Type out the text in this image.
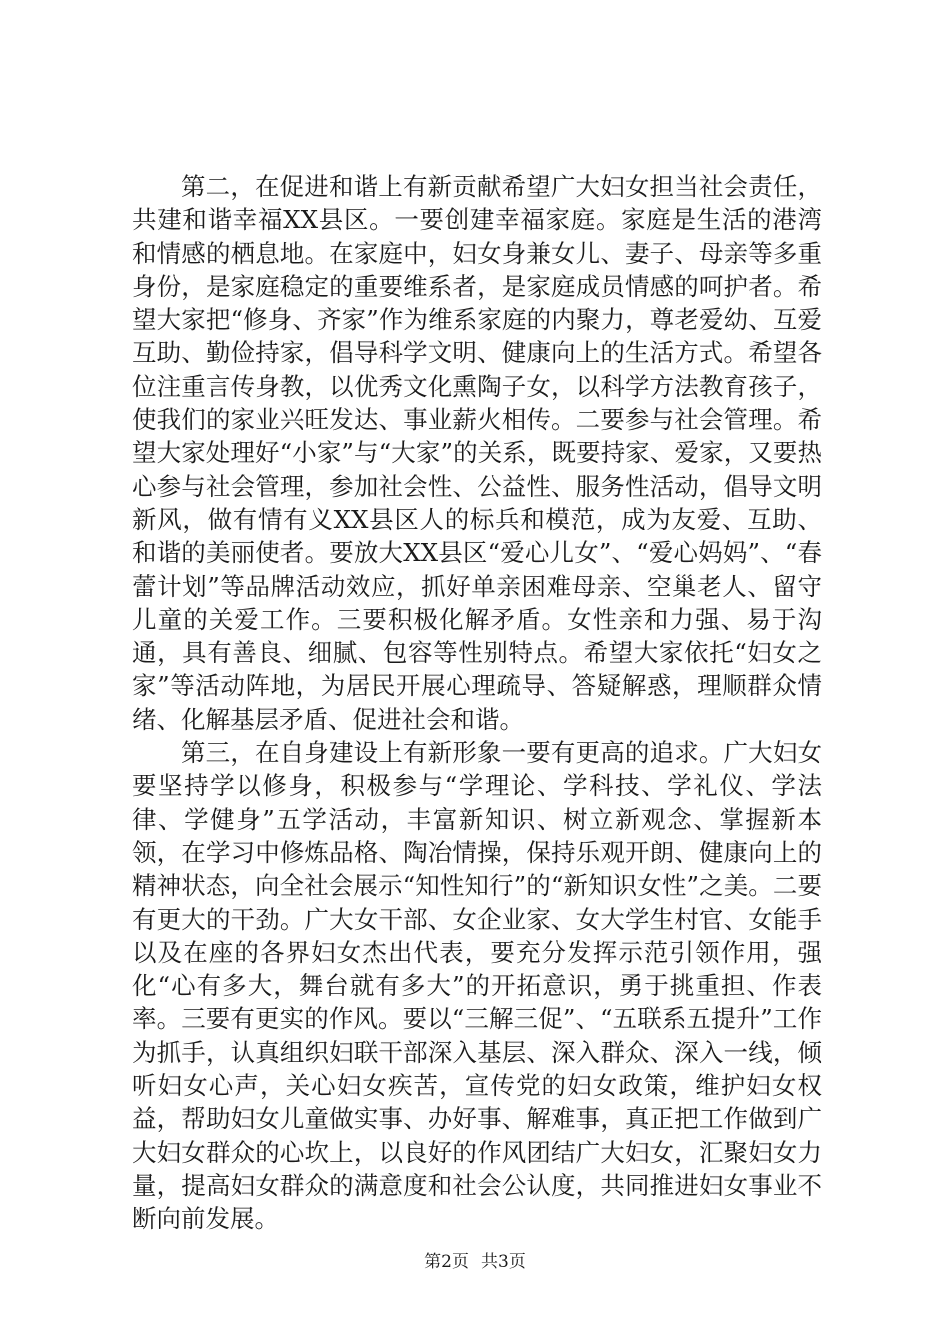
第二，在促进和谐上有新贡献希望广大妇女担当社会责任，共建和谐幸福XX县区。一要创建幸福家庭。家庭是生活的港湾和情感的栖息地。在家庭中，妇女身兼女儿、妻子、母亲等多重身份，是家庭稳定的重要维系者，是家庭成员情感的呵护者。希望大家把“修身、齐家”作为维系家庭的内聚力，尊老爱幼、互爱互助、勤俭持家，倡导科学文明、健康向上的生活方式。希望各位注重言传身教，以优秀文化熏陶子女，以科学方法教育孩子，使我们的家业兴旺发达、事业薪火相传。二要参与社会管理。希望大家处理好“小家”与“大家”的关系，既要持家、爱家，又要热心参与社会管理，参加社会性、公益性、服务性活动，倡导文明新风，做有情有义XX县区人的标兵和模范，成为友爱、互助、和谐的美丽使者。要放大XX县区“爱心儿女”、“爱心妈妈”、“春蕾计划”等品牌活动效应，抓好单亲困难母亲、空巢老人、留守儿童的关爱工作。三要积极化解矛盾。女性亲和力强、易于沟通，具有善良、细腻、包容等性别特点。希望大家依托“妇女之家”等活动阵地，为居民开展心理疏导、答疑解惑，理顺群众情绪、化解基层矛盾、促进社会和谐。

第三，在自身建设上有新形象一要有更高的追求。广大妇女要坚持学以修身，积极参与“学理论、学科技、学礼仪、学法律、学健身”五学活动，丰富新知识、树立新观念、掌握新本领，在学习中修炼品格、陶冶情操，保持乐观开朗、健康向上的精神状态，向全社会展示“知性知行”的“新知识女性”之美。二要有更大的干劲。广大女干部、女企业家、女大学生村官、女能手以及在座的各界妇女杰出代表，要充分发挥示范引领作用，强化“心有多大，舞台就有多大”的开拓意识，勇于挑重担、作表率。三要有更实的作风。要以“三解三促”、“五联系五提升”工作为抓手，认真组织妇联干部深入基层、深入群众、深入一线，倾听妇女心声，关心妇女疾苦，宣传党的妇女政策，维护妇女权益，帮助妇女儿童做实事、办好事、解难事，真正把工作做到广大妇女群众的心坎上，以良好的作风团结广大妇女，汇聚妇女力量，提高妇女群众的满意度和社会公认度，共同推进妇女事业不断向前发展。

第2页 共3页
